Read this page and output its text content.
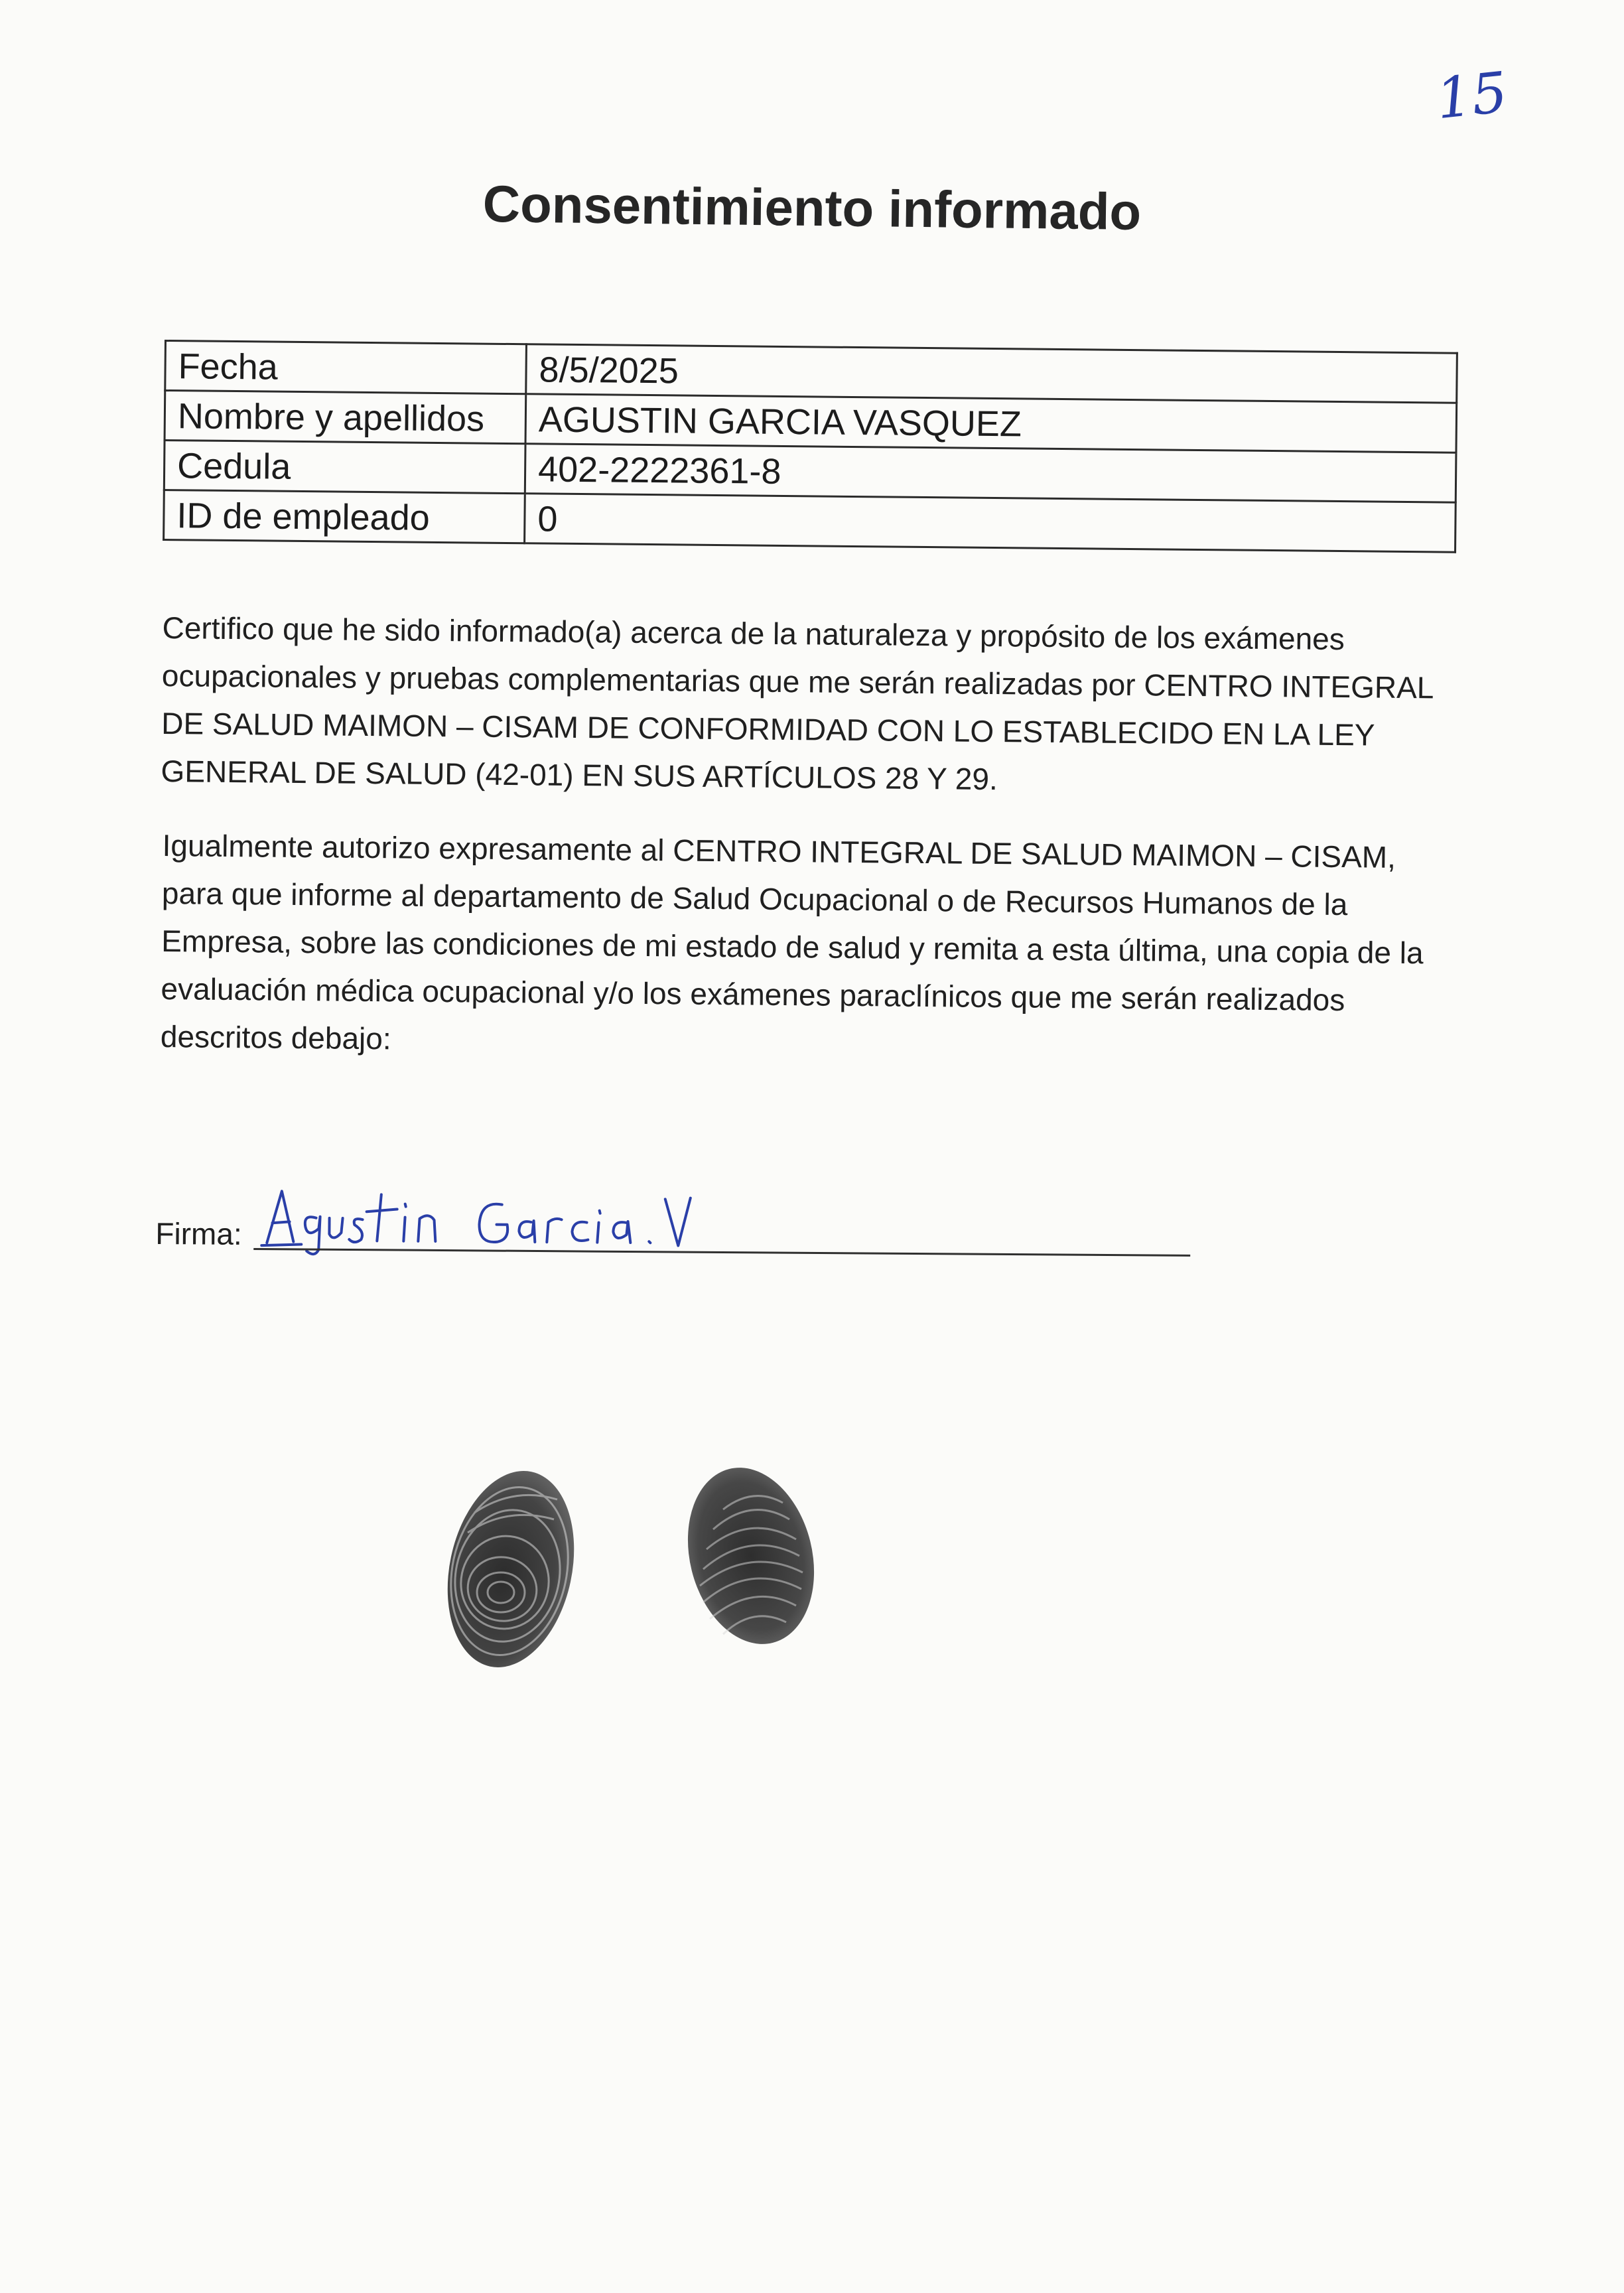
15
Consentimiento informado
Fecha	8/5/2025
Nombre y apellidos	AGUSTIN GARCIA VASQUEZ
Cedula	402-2222361-8
ID de empleado	0

Certifico que he sido informado(a) acerca de la naturaleza y propósito de los exámenes ocupacionales y pruebas complementarias que me serán realizadas por CENTRO INTEGRAL DE SALUD MAIMON – CISAM DE CONFORMIDAD CON LO ESTABLECIDO EN LA LEY GENERAL DE SALUD (42-01) EN SUS ARTÍCULOS 28 Y 29.

Igualmente autorizo expresamente al CENTRO INTEGRAL DE SALUD MAIMON – CISAM, para que informe al departamento de Salud Ocupacional o de Recursos Humanos de la Empresa, sobre las condiciones de mi estado de salud y remita a esta última, una copia de la evaluación médica ocupacional y/o los exámenes paraclínicos que me serán realizados descritos debajo:

Firma:
